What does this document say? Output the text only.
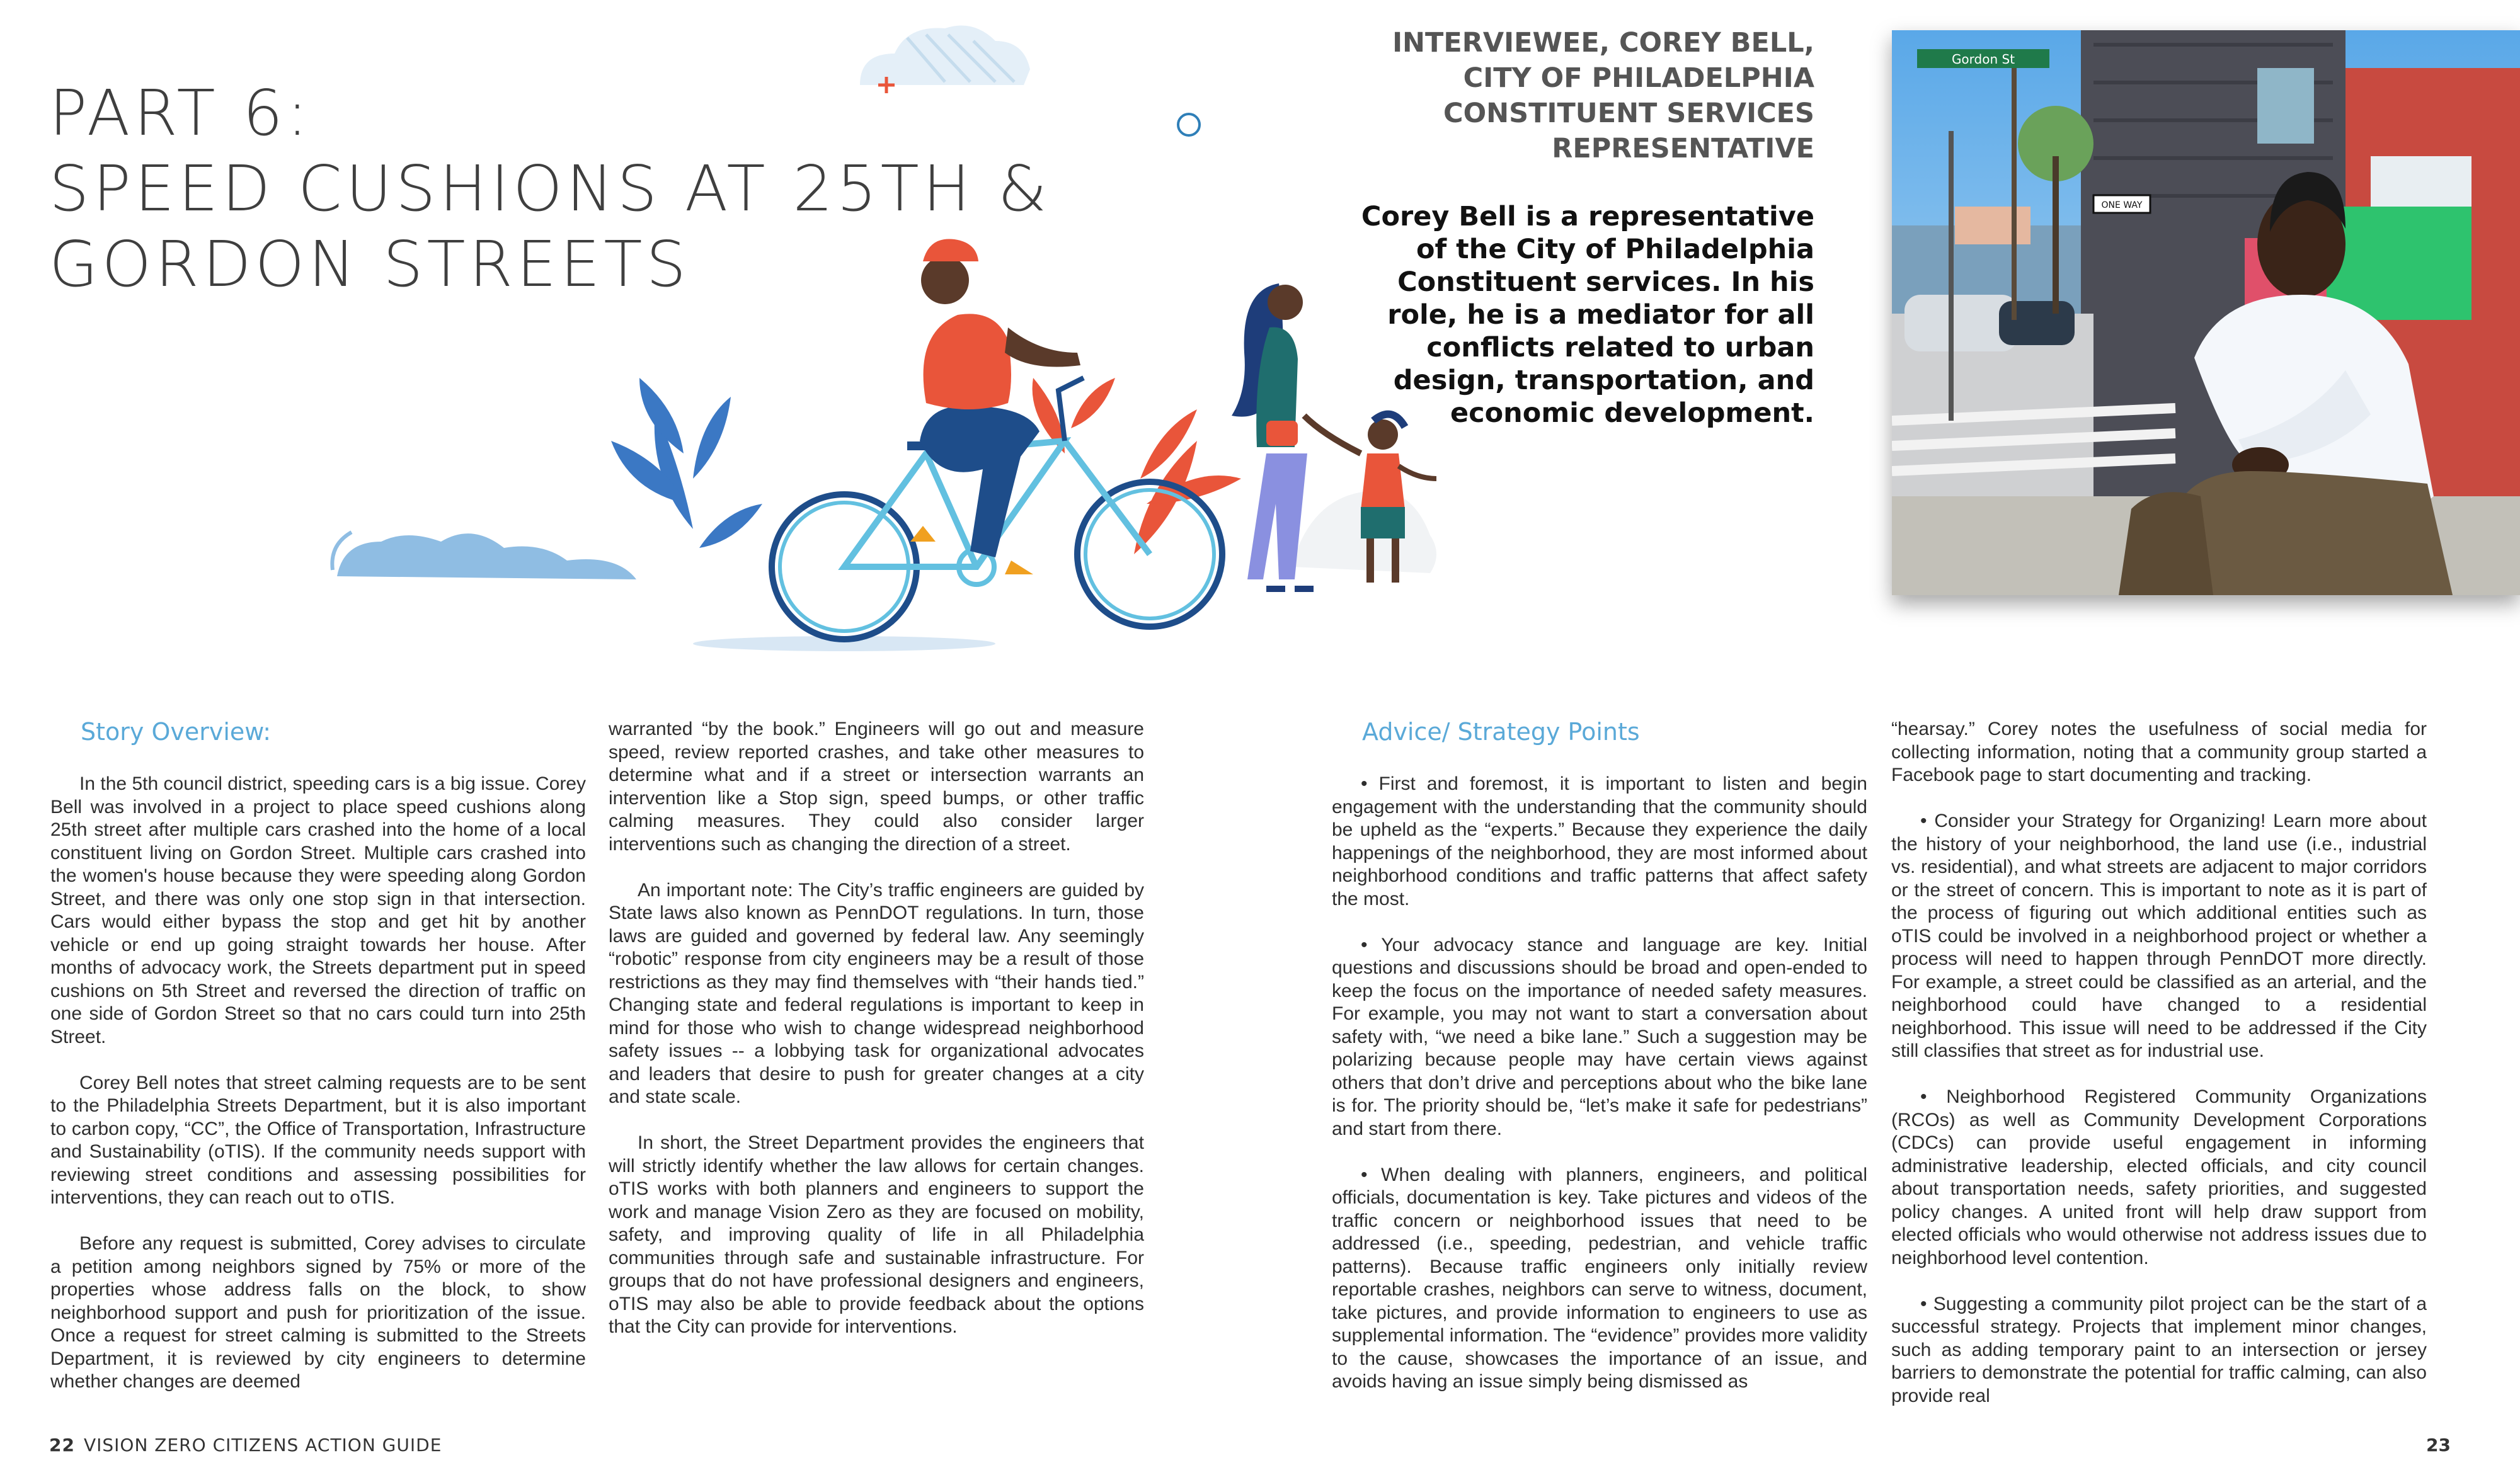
PART 6:
SPEED CUSHIONS AT 25TH &
GORDON STREETS
INTERVIEWEE, COREY BELL,
CITY OF PHILADELPHIA
CONSTITUENT SERVICES
REPRESENTATIVE
Corey Bell is a representative
of the City of Philadelphia
Constituent services. In his
role, he is a mediator for all
conflicts related to urban
design, transportation, and
economic development.
Gordon St
ONE WAY
Story Overview:	Advice/ Strategy Points

In the 5th council district, speeding cars is a big issue. Corey Bell was involved in a project to place speed cushions along 25th street after multiple cars crashed into the home of a local constituent living on Gordon Street. Multiple cars crashed into the women's house because they were speeding along Gordon Street, and there was only one stop sign in that intersection. Cars would either bypass the stop and get hit by another vehicle or end up going straight towards her house. After months of advocacy work, the Streets department put in speed cushions on 5th Street and reversed the direction of traffic on one side of Gordon Street so that no cars could turn into 25th Street.

Corey Bell notes that street calming requests are to be sent to the Philadelphia Streets Department, but it is also important to carbon copy, “CC”, the Office of Transportation, Infrastructure and Sustainability (oTIS). If the community needs support with reviewing street conditions and assessing possibilities for interventions, they can reach out to oTIS.

Before any request is submitted, Corey advises to circulate a petition among neighbors signed by 75% or more of the properties whose address falls on the block, to show neighborhood support and push for prioritization of the issue. Once a request for street calming is submitted to the Streets Department, it is reviewed by city engineers to determine whether changes are deemed

warranted “by the book.” Engineers will go out and measure speed, review reported crashes, and take other measures to determine what and if a street or intersection warrants an intervention like a Stop sign, speed bumps, or other traffic calming measures. They could also consider larger interventions such as changing the direction of a street.

An important note: The City’s traffic engineers are guided by State laws also known as PennDOT regulations. In turn, those laws are guided and governed by federal law. Any seemingly “robotic” response from city engineers may be a result of those restrictions as they may find themselves with “their hands tied.” Changing state and federal regulations is important to keep in mind for those who wish to change widespread neighborhood safety issues -- a lobbying task for organizational advocates and leaders that desire to push for greater changes at a city and state scale.

In short, the Street Department provides the engineers that will strictly identify whether the law allows for certain changes. oTIS works with both planners and engineers to support the work and manage Vision Zero as they are focused on mobility, safety, and improving quality of life in all Philadelphia communities through safe and sustainable infrastructure. For groups that do not have professional designers and engineers, oTIS may also be able to provide feedback about the options that the City can provide for interventions.

• First and foremost, it is important to listen and begin engagement with the understanding that the community should be upheld as the “experts.” Because they experience the daily happenings of the neighborhood, they are most informed about neighborhood conditions and traffic patterns that affect safety the most.

• Your advocacy stance and language are key. Initial questions and discussions should be broad and open-ended to keep the focus on the importance of needed safety measures. For example, you may not want to start a conversation about safety with, “we need a bike lane.” Such a suggestion may be polarizing because people may have certain views against others that don’t drive and perceptions about who the bike lane is for. The priority should be, “let’s make it safe for pedestrians” and start from there.

• When dealing with planners, engineers, and political officials, documentation is key. Take pictures and videos of the traffic concern or neighborhood issues that need to be addressed (i.e., speeding, pedestrian, and vehicle traffic patterns). Because traffic engineers only initially review reportable crashes, neighbors can serve to witness, document, take pictures, and provide information to engineers to use as supplemental information. The “evidence” provides more validity to the cause, showcases the importance of an issue, and avoids having an issue simply being dismissed as

“hearsay.” Corey notes the usefulness of social media for collecting information, noting that a community group started a Facebook page to start documenting and tracking.

• Consider your Strategy for Organizing! Learn more about the history of your neighborhood, the land use (i.e., industrial vs. residential), and what streets are adjacent to major corridors or the street of concern. This is important to note as it is part of the process of figuring out which additional entities such as oTIS could be involved in a neighborhood project or whether a process will need to happen through PennDOT more directly. For example, a street could be classified as an arterial, and the neighborhood could have changed to a residential neighborhood. This issue will need to be addressed if the City still classifies that street as for industrial use.

• Neighborhood Registered Community Organizations (RCOs) as well as Community Development Corporations (CDCs) can provide useful engagement in informing administrative leadership, elected officials, and city council about transportation needs, safety priorities, and suggested policy changes. A united front will help draw support from elected officials who would otherwise not address issues due to neighborhood level contention.

• Suggesting a community pilot project can be the start of a successful strategy. Projects that implement minor changes, such as adding temporary paint to an intersection or jersey barriers to demonstrate the potential for traffic calming, can also provide real

22 VISION ZERO CITIZENS ACTION GUIDE	23
